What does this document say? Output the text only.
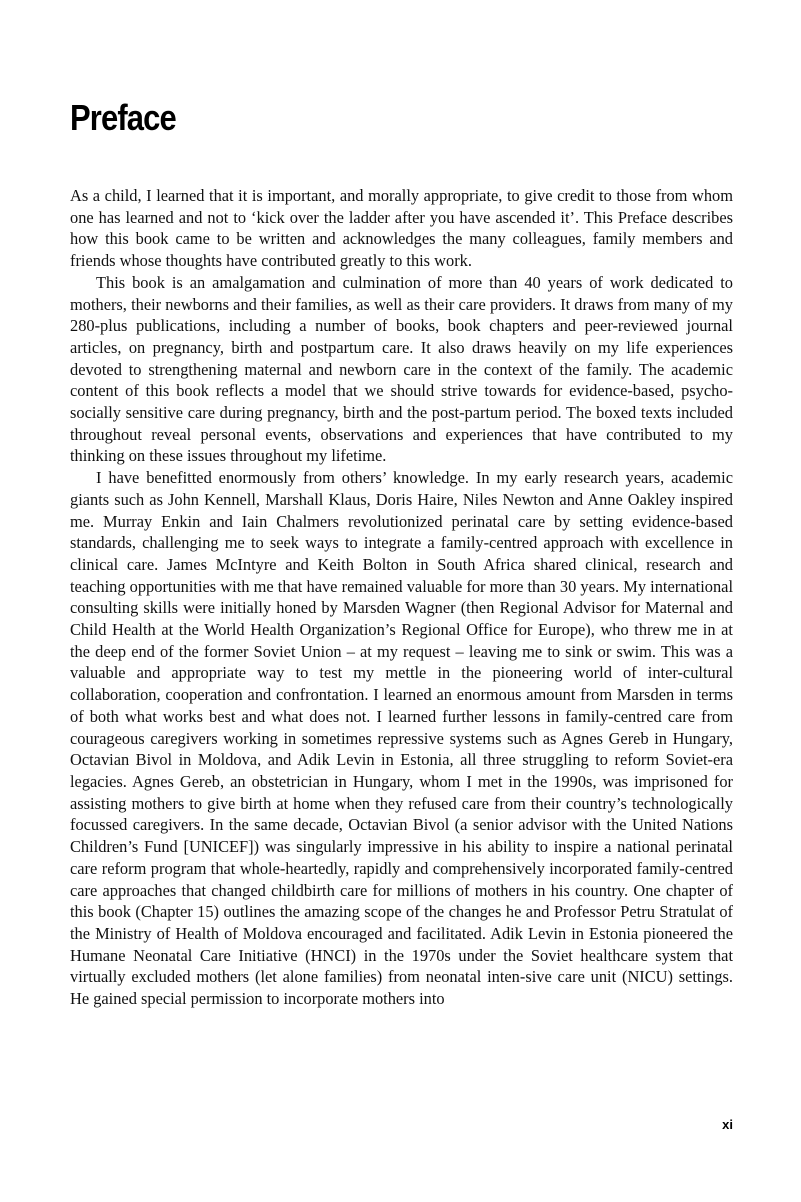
Preface

As a child, I learned that it is important, and morally appropriate, to give credit to those from whom one has learned and not to ‘kick over the ladder after you have ascended it’. This Preface describes how this book came to be written and acknowledges the many colleagues, family members and friends whose thoughts have contributed greatly to this work.

This book is an amalgamation and culmination of more than 40 years of work dedicated to mothers, their newborns and their families, as well as their care providers. It draws from many of my 280-plus publications, including a number of books, book chapters and peer-reviewed journal articles, on pregnancy, birth and postpartum care. It also draws heavily on my life experiences devoted to strengthening maternal and newborn care in the context of the family. The academic content of this book reflects a model that we should strive towards for evidence-based, psycho-socially sensitive care during pregnancy, birth and the post-partum period. The boxed texts included throughout reveal personal events, observations and experiences that have contributed to my thinking on these issues throughout my lifetime.

I have benefitted enormously from others’ knowledge. In my early research years, academic giants such as John Kennell, Marshall Klaus, Doris Haire, Niles Newton and Anne Oakley inspired me. Murray Enkin and Iain Chalmers revolutionized perinatal care by setting evidence-based standards, challenging me to seek ways to integrate a family-centred approach with excellence in clinical care. James McIntyre and Keith Bolton in South Africa shared clinical, research and teaching opportunities with me that have remained valuable for more than 30 years. My international consulting skills were initially honed by Marsden Wagner (then Regional Advisor for Maternal and Child Health at the World Health Organization’s Regional Office for Europe), who threw me in at the deep end of the former Soviet Union – at my request – leaving me to sink or swim. This was a valuable and appropriate way to test my mettle in the pioneering world of inter-cultural collaboration, cooperation and confrontation. I learned an enormous amount from Marsden in terms of both what works best and what does not. I learned further lessons in family-centred care from courageous caregivers working in sometimes repressive systems such as Agnes Gereb in Hungary, Octavian Bivol in Moldova, and Adik Levin in Estonia, all three struggling to reform Soviet-era legacies. Agnes Gereb, an obstetrician in Hungary, whom I met in the 1990s, was imprisoned for assisting mothers to give birth at home when they refused care from their country’s technologically focussed caregivers. In the same decade, Octavian Bivol (a senior advisor with the United Nations Children’s Fund [UNICEF]) was singularly impressive in his ability to inspire a national perinatal care reform program that whole-heartedly, rapidly and comprehensively incorporated family-centred care approaches that changed childbirth care for millions of mothers in his country. One chapter of this book (Chapter 15) outlines the amazing scope of the changes he and Professor Petru Stratulat of the Ministry of Health of Moldova encouraged and facilitated. Adik Levin in Estonia pioneered the Humane Neonatal Care Initiative (HNCI) in the 1970s under the Soviet healthcare system that virtually excluded mothers (let alone families) from neonatal inten-sive care unit (NICU) settings. He gained special permission to incorporate mothers into

xi
